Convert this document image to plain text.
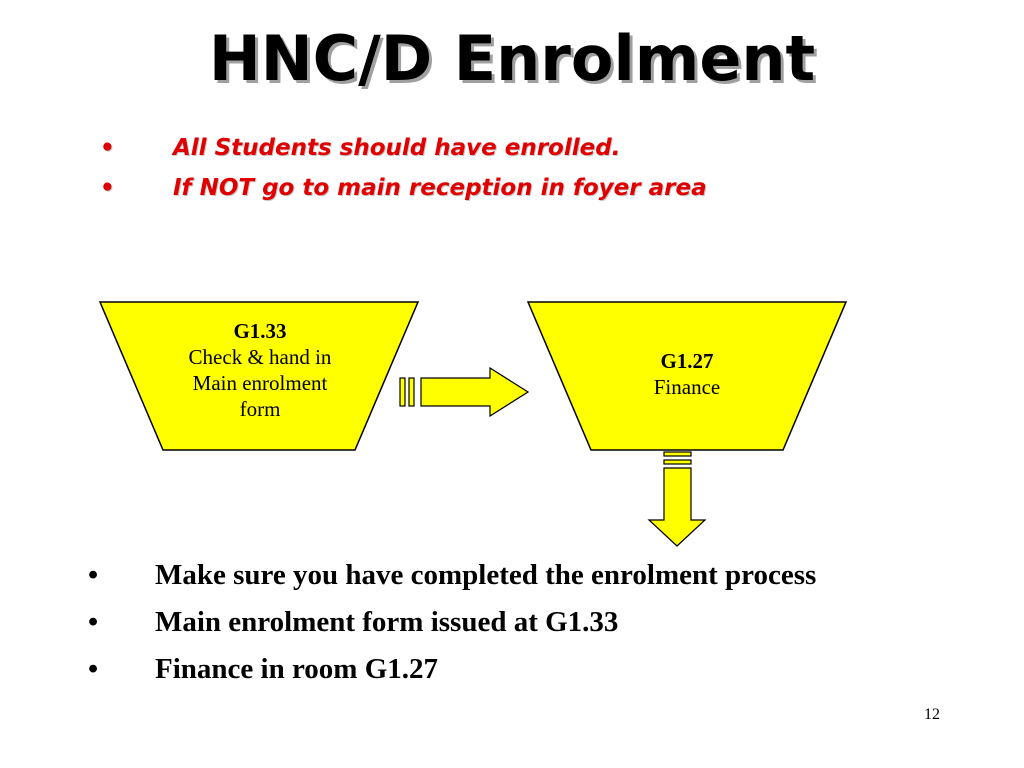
HNC/D Enrolment
•	All Students should have enrolled.
•	If NOT go to main reception in foyer area
G1.33
Check & hand in
Main enrolment
form
G1.27
Finance
• Make sure you have completed the enrolment process
• Main enrolment form issued at G1.33
• Finance in room G1.27
12
